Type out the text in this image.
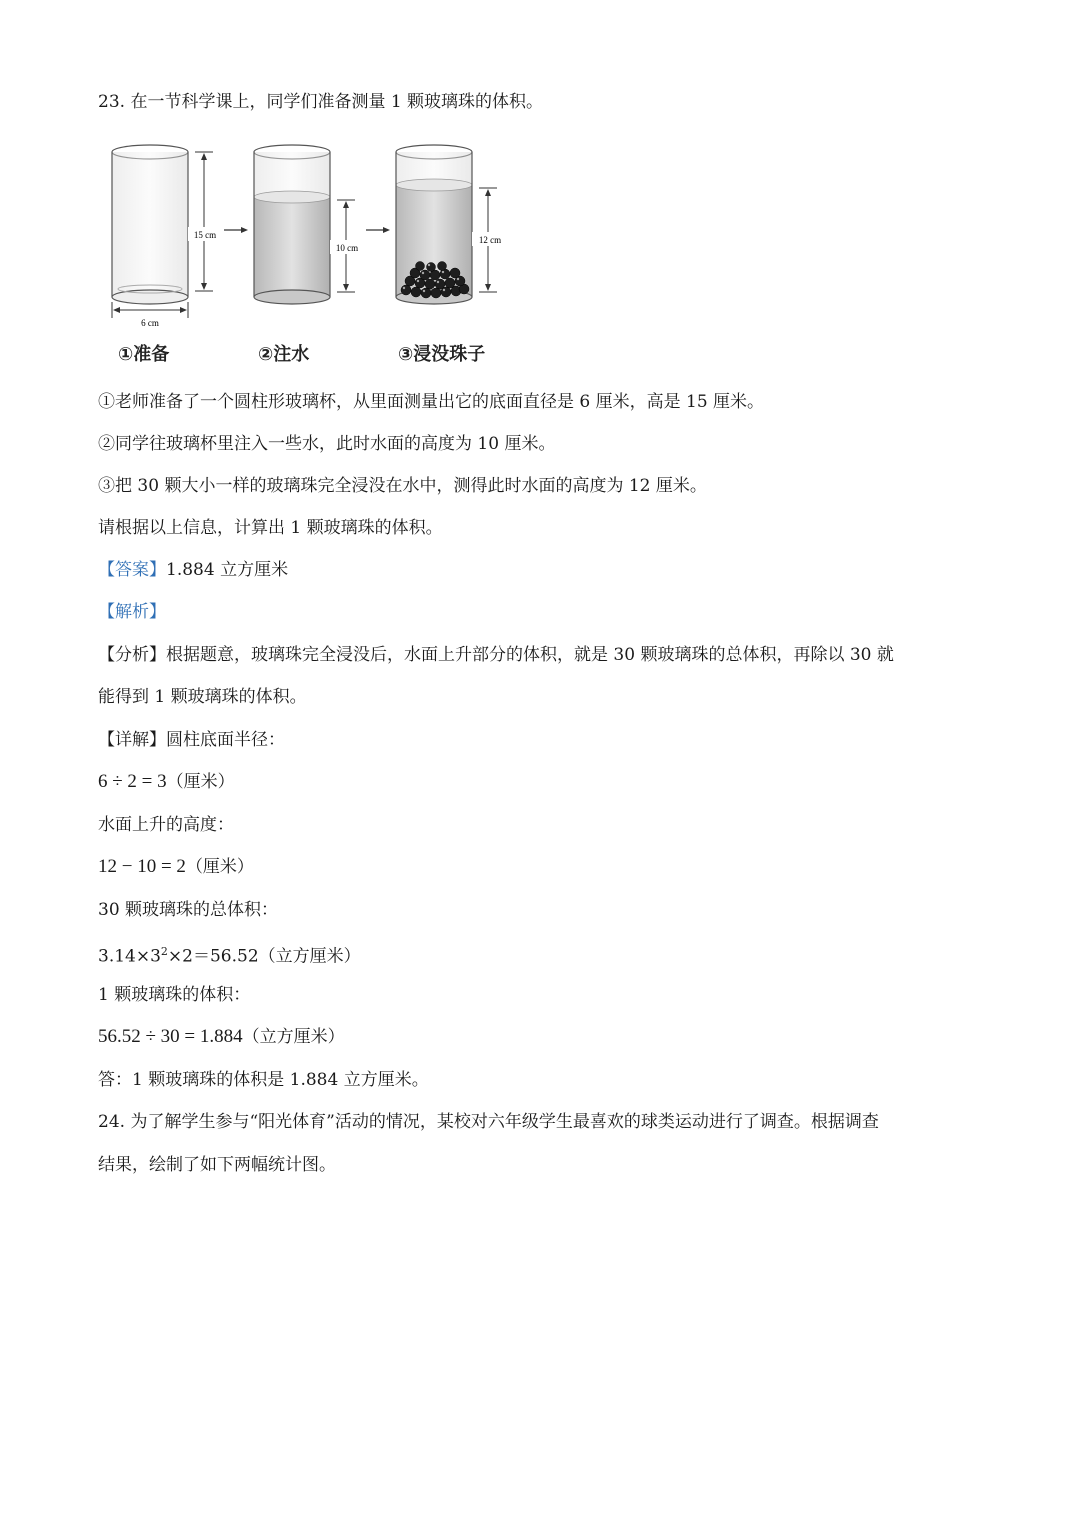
23. 在一节科学课上，同学们准备测量 1 颗玻璃珠的体积。
15 cm
6 cm
10 cm
12 cm
①准备	②注水	③浸没珠子
①老师准备了一个圆柱形玻璃杯，从里面测量出它的底面直径是 6 厘米，高是 15 厘米。
②同学往玻璃杯里注入一些水，此时水面的高度为 10 厘米。
③把 30 颗大小一样的玻璃珠完全浸没在水中，测得此时水面的高度为 12 厘米。
请根据以上信息，计算出 1 颗玻璃珠的体积。
【答案】1.884 立方厘米
【解析】
【分析】根据题意，玻璃珠完全浸没后，水面上升部分的体积，就是 30 颗玻璃珠的总体积，再除以 30 就
能得到 1 颗玻璃珠的体积。
【详解】圆柱底面半径：
6 ÷ 2 = 3（厘米）
水面上升的高度：
12 − 10 = 2（厘米）
30 颗玻璃珠的总体积：
$3.14\times 3^2\times 2=56.52$（立方厘米）
1 颗玻璃珠的体积：
56.52 ÷ 30 = 1.884（立方厘米）
答：1 颗玻璃珠的体积是 1.884 立方厘米。
24. 为了解学生参与“阳光体育”活动的情况，某校对六年级学生最喜欢的球类运动进行了调查。根据调查
结果，绘制了如下两幅统计图。
